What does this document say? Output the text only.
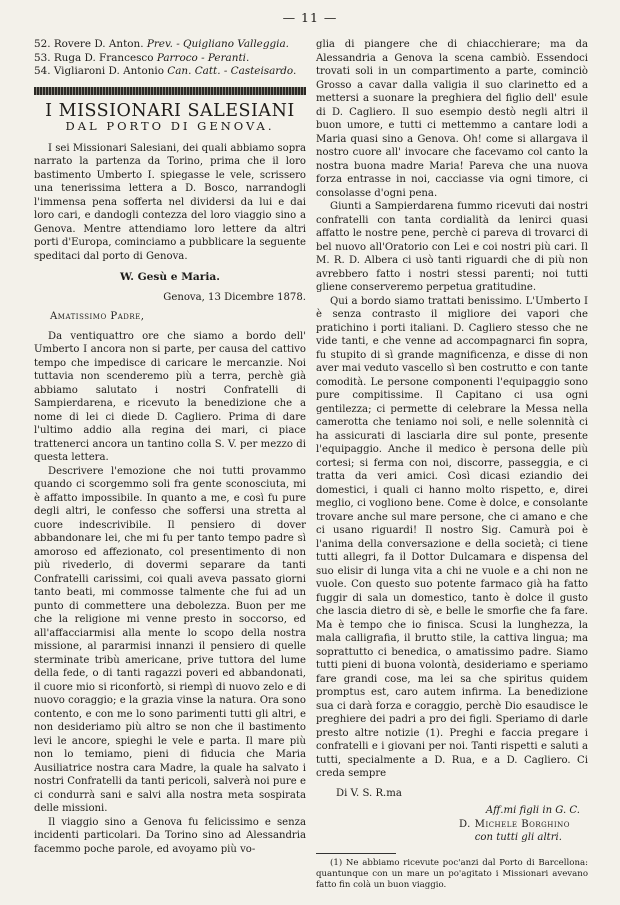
— 11 —
52. Rovere D. Anton. Prev. - Quigliano Valleggia.
53. Ruga D. Francesco Parroco - Peranti.
54. Vigliaroni D. Antonio Can. Catt. - Casteisardo.
I MISSIONARI SALESIANI
DAL PORTO DI GENOVA.

I sei Missionari Salesiani, dei quali abbiamo sopra narrato la partenza da Torino, prima che il loro bastimento Umberto I. spiegasse le vele, scrissero una tenerissima lettera a D. Bosco, narrandogli l'immensa pena sofferta nel dividersi da lui e dai loro cari, e dandogli contezza del loro viaggio sino a Genova. Mentre attendiamo loro lettere da altri porti d'Europa, cominciamo a pubblicare la seguente speditaci dal porto di Genova.

W. Gesù e Maria.
Genova, 13 Dicembre 1878.
Amatissimo Padre,

Da ventiquattro ore che siamo a bordo dell' Umberto I ancora non si parte, per causa del cattivo tempo che impedisce di caricare le mercanzie. Noi tuttavia non scenderemo più a terra, perchè già abbiamo salutato i nostri Confratelli di Sampierdarena, e ricevuto la benedizione che a nome di lei ci diede D. Cagliero. Prima di dare l'ultimo addio alla regina dei mari, ci piace trattenerci ancora un tantino colla S. V. per mezzo di questa lettera.

Descrivere l'emozione che noi tutti provammo quando ci scorgemmo soli fra gente sconosciuta, mi è affatto impossibile. In quanto a me, e così fu pure degli altri, le confesso che soffersi una stretta al cuore indescrivibile. Il pensiero di dover abbandonare lei, che mi fu per tanto tempo padre sì amoroso ed affezionato, col presentimento di non più rivederlo, di dovermi separare da tanti Confratelli carissimi, coi quali aveva passato giorni tanto beati, mi commosse talmente che fui ad un punto di commettere una debolezza. Buon per me che la religione mi venne presto in soccorso, ed all'affacciarmisi alla mente lo scopo della nostra missione, al pararmisi innanzi il pensiero di quelle sterminate tribù americane, prive tuttora del lume della fede, o di tanti ragazzi poveri ed abbandonati, il cuore mio si riconfortò, si riempì di nuovo zelo e di nuovo coraggio; e la grazia vinse la natura. Ora sono contento, e con me lo sono parimenti tutti gli altri, e non desideriamo più altro se non che il bastimento levi le ancore, spieghi le vele e parta. Il mare più non lo temiamo, pieni di fiducia che Maria Ausiliatrice nostra cara Madre, la quale ha salvato i nostri Confratelli da tanti pericoli, salverà noi pure e ci condurrà sani e salvi alla nostra meta sospirata delle missioni.

Il viaggio sino a Genova fu felicissimo e senza incidenti particolari. Da Torino sino ad Alessandria facemmo poche parole, ed avoyamo più vo-

glia di piangere che di chiacchierare; ma da Alessandria a Genova la scena cambiò. Essendoci trovati soli in un compartimento a parte, cominciò Grosso a cavar dalla valigia il suo clarinetto ed a mettersi a suonare la preghiera del figlio dell' esule di D. Cagliero. Il suo esempio destò negli altri il buon umore, e tutti ci mettemmo a cantare lodi a Maria quasi sino a Genova. Oh! come si allargava il nostro cuore all' invocare che facevamo col canto la nostra buona madre Maria! Pareva che una nuova forza entrasse in noi, cacciasse via ogni timore, ci consolasse d'ogni pena.

Giunti a Sampierdarena fummo ricevuti dai nostri confratelli con tanta cordialità da lenirci quasi affatto le nostre pene, perchè ci pareva di trovarci di bel nuovo all'Oratorio con Lei e coi nostri più cari. Il M. R. D. Albera ci usò tanti riguardi che di più non avrebbero fatto i nostri stessi parenti; noi tutti gliene conserveremo perpetua gratitudine.

Qui a bordo siamo trattati benissimo. L'Umberto I è senza contrasto il migliore dei vapori che pratichino i porti italiani. D. Cagliero stesso che ne vide tanti, e che venne ad accompagnarci fin sopra, fu stupito di sì grande magnificenza, e disse di non aver mai veduto vascello sì ben costrutto e con tante comodità. Le persone componenti l'equipaggio sono pure compitissime. Il Capitano ci usa ogni gentilezza; ci permette di celebrare la Messa nella camerotta che teniamo noi soli, e nelle solennità ci ha assicurati di lasciarla dire sul ponte, presente l'equipaggio. Anche il medico è persona delle più cortesi; si ferma con noi, discorre, passeggia, e ci tratta da veri amici. Così dicasi eziandio dei domestici, i quali ci hanno molto rispetto, e, direi meglio, ci vogliono bene. Come è dolce, e consolante trovare anche sul mare persone, che ci amano e che ci usano riguardi! Il nostro Sig. Camurà poi è l'anima della conversazione e della società; ci tiene tutti allegri, fa il Dottor Dulcamara e dispensa del suo elisir di lunga vita a chi ne vuole e a chi non ne vuole. Con questo suo potente farmaco già ha fatto fuggir di sala un domestico, tanto è dolce il gusto che lascia dietro di sè, e belle le smorfie che fa fare. Ma è tempo che io finisca. Scusi la lunghezza, la mala calligrafia, il brutto stile, la cattiva lingua; ma soprattutto ci benedica, o amatissimo padre. Siamo tutti pieni di buona volontà, desideriamo e speriamo fare grandi cose, ma lei sa che spiritus quidem promptus est, caro autem infirma. La benedizione sua ci darà forza e coraggio, perchè Dio esaudisce le preghiere dei padri a pro dei figli. Speriamo di darle presto altre notizie (1). Preghi e faccia pregare i confratelli e i giovani per noi. Tanti rispetti e saluti a tutti, specialmente a D. Rua, e a D. Cagliero. Ci creda sempre

Di V. S. R.ma
Aff.mi figli in G. C.
D. Michele Borghino
con tutti gli altri.

(1) Ne abbiamo ricevute poc'anzi dal Porto di Barcellona: quantunque con un mare un po'agitato i Missionari avevano fatto fin colà un buon viaggio.
